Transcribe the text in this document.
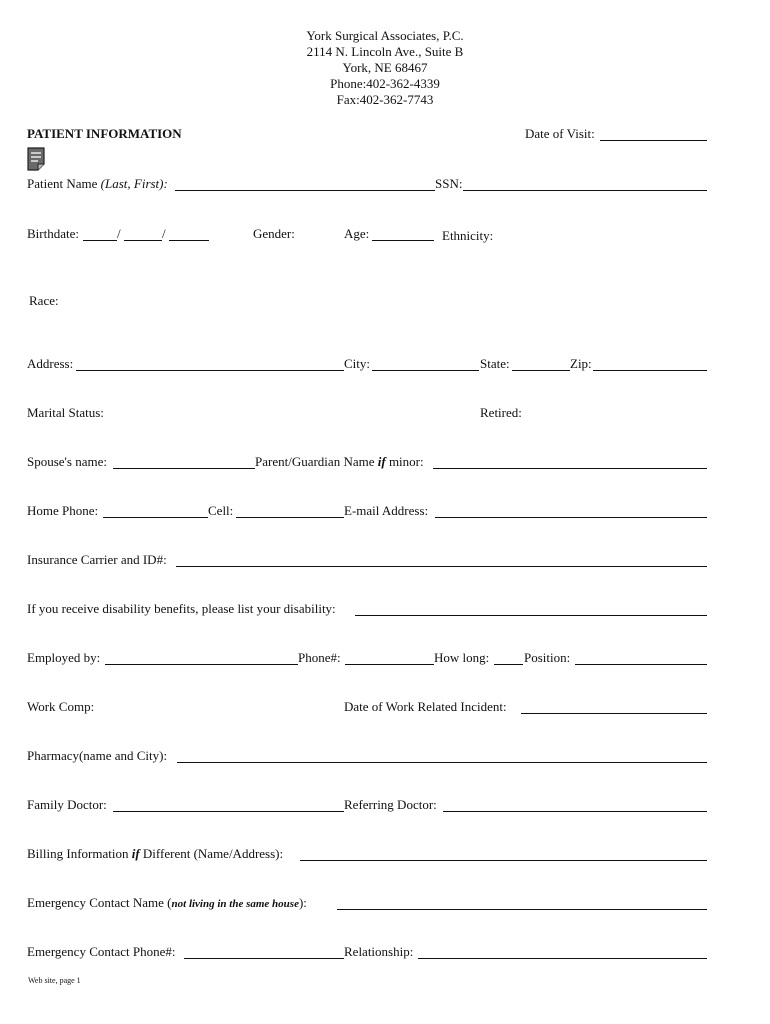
York Surgical Associates, P.C.
2114 N. Lincoln Ave., Suite B
York, NE 68467
Phone:402-362-4339
Fax:402-362-7743
PATIENT INFORMATION	Date of Visit:
Patient Name (Last, First):	SSN:
Birthdate:	/	/	Gender:	Age:	Ethnicity:
Race:
Address:	City:	State:	Zip:
Marital Status:	Retired:
Spouse's name:	Parent/Guardian Name if minor:
Home Phone:	Cell:	E-mail Address:
Insurance Carrier and ID#:
If you receive disability benefits, please list your disability:
Employed by:	Phone#:	How long:	Position:
Work Comp:	Date of Work Related Incident:
Pharmacy(name and City):
Family Doctor:	Referring Doctor:
Billing Information if Different (Name/Address):
Emergency Contact Name (not living in the same house):
Emergency Contact Phone#:	Relationship:
Web site, page 1
